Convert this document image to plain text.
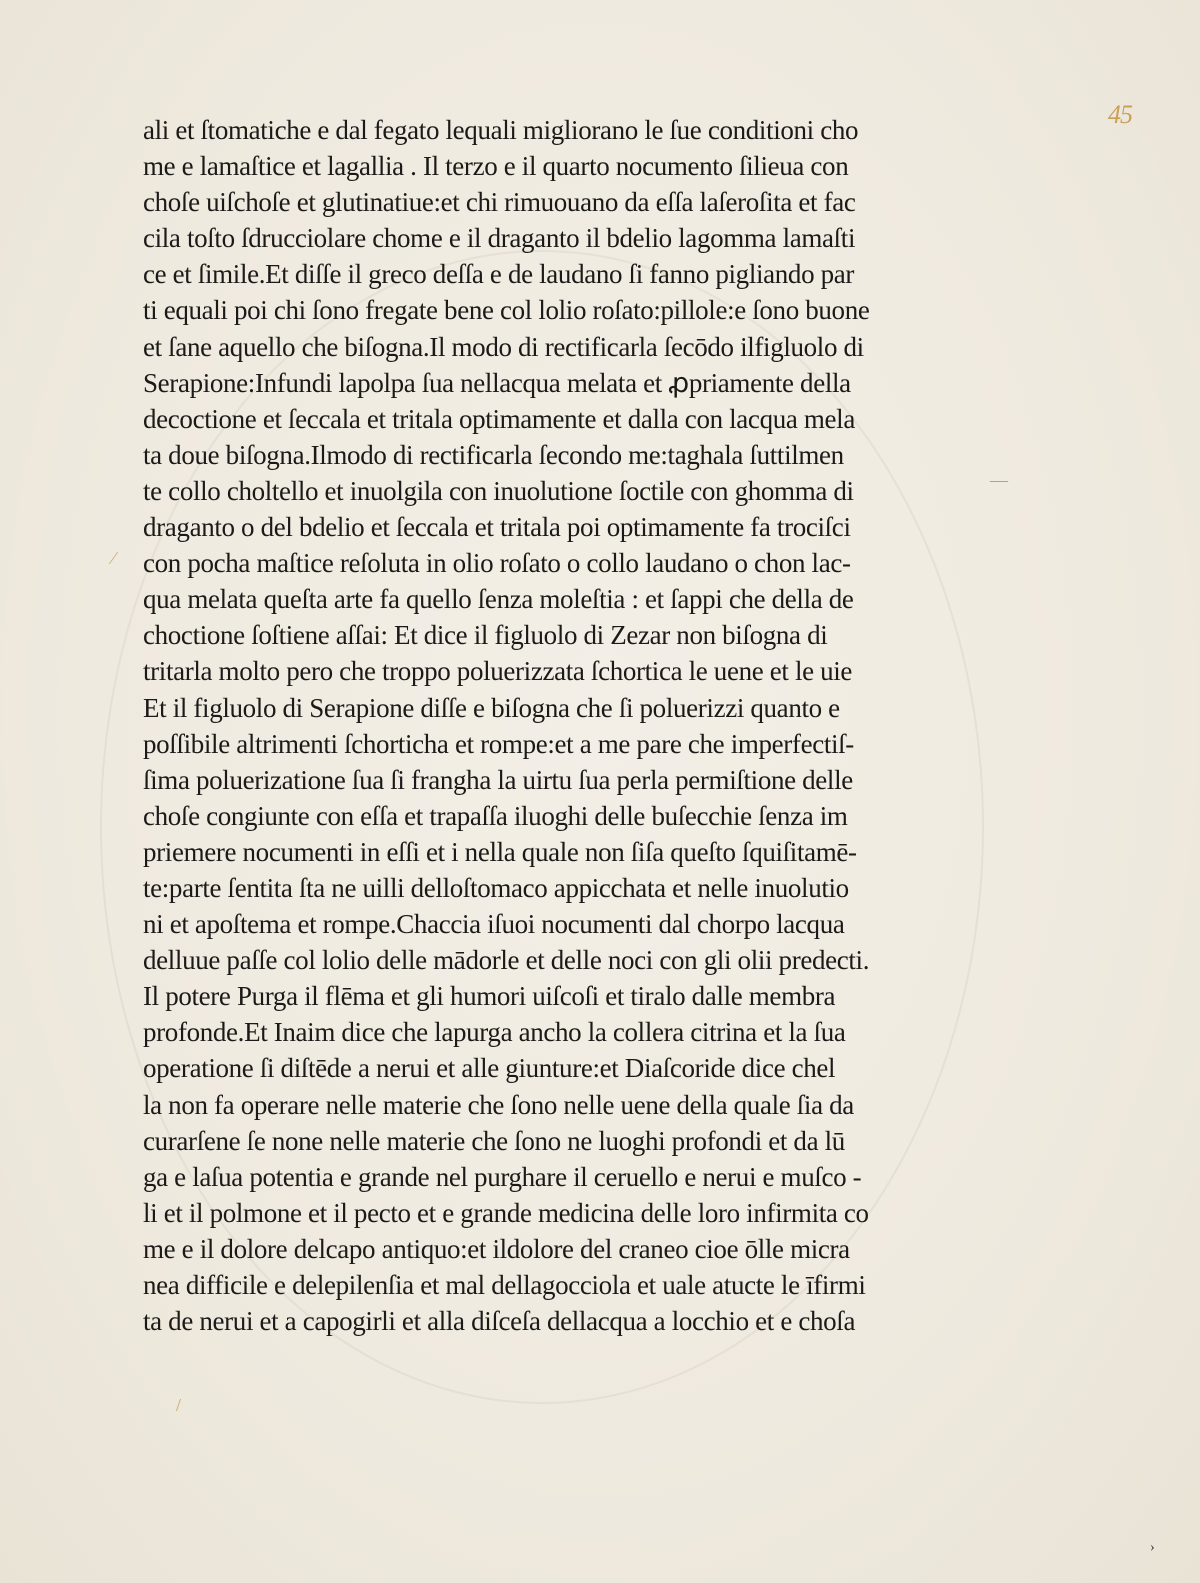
45
⁄
—
/
›
ali et ſtomatiche e dal fegato lequali migliorano le ſue conditioni cho
me e lamaſtice et lagallia . Il terzo e il quarto nocumento ſilieua con
choſe uiſchoſe et glutinatiue:et chi rimuouano da eſſa laſeroſita et fac
cila toſto ſdrucciolare chome e il draganto il bdelio lagomma lamaſti
ce et ſimile.Et diſſe il greco deſſa e de laudano ſi fanno pigliando par
ti equali poi chi ſono fregate bene col lolio roſato:pillole:e ſono buone
et ſane aquello che biſogna.Il modo di rectificarla ſecōdo ilfigluolo di
Serapione:Infundi lapolpa ſua nellacqua melata et ꝓpriamente della
decoctione et ſeccala et tritala optimamente et dalla con lacqua mela
ta doue biſogna.Ilmodo di rectificarla ſecondo me:taghala ſuttilmen
te collo choltello et inuolgila con inuolutione ſoctile con ghomma di
draganto o del bdelio et ſeccala et tritala poi optimamente fa trociſci
con pocha maſtice reſoluta in olio roſato o collo laudano o chon lac-
qua melata queſta arte fa quello ſenza moleſtia : et ſappi che della de
choctione ſoſtiene aſſai: Et dice il figluolo di Zezar non biſogna di
tritarla molto pero che troppo poluerizzata ſchortica le uene et le uie
Et il figluolo di Serapione diſſe e biſogna che ſi poluerizzi quanto e
poſſibile altrimenti ſchorticha et rompe:et a me pare che imperfectiſ-
ſima poluerizatione ſua ſi frangha la uirtu ſua perla permiſtione delle
choſe congiunte con eſſa et trapaſſa iluoghi delle buſecchie ſenza im
priemere nocumenti in eſſi et i nella quale non ſiſa queſto ſquiſitamē-
te:parte ſentita ſta ne uilli delloſtomaco appicchata et nelle inuolutio
ni et apoſtema et rompe.Chaccia iſuoi nocumenti dal chorpo lacqua
delluue paſſe col lolio delle mādorle et delle noci con gli olii predecti.
Il potere Purga il flēma et gli humori uiſcoſi et tiralo dalle membra
profonde.Et Inaim dice che lapurga ancho la collera citrina et la ſua
operatione ſi diſtēde a nerui et alle giunture:et Diaſcoride dice chel
la non fa operare nelle materie che ſono nelle uene della quale ſia da
curarſene ſe none nelle materie che ſono ne luoghi profondi et da lū
ga e laſua potentia e grande nel purghare il ceruello e nerui e muſco -
li et il polmone et il pecto et e grande medicina delle loro infirmita co
me e il dolore delcapo antiquo:et ildolore del craneo cioe ōlle micra
nea difficile e delepilenſia et mal dellagocciola et uale atucte le īfirmi
ta de nerui et a capogirli et alla diſceſa dellacqua a locchio et e choſa
